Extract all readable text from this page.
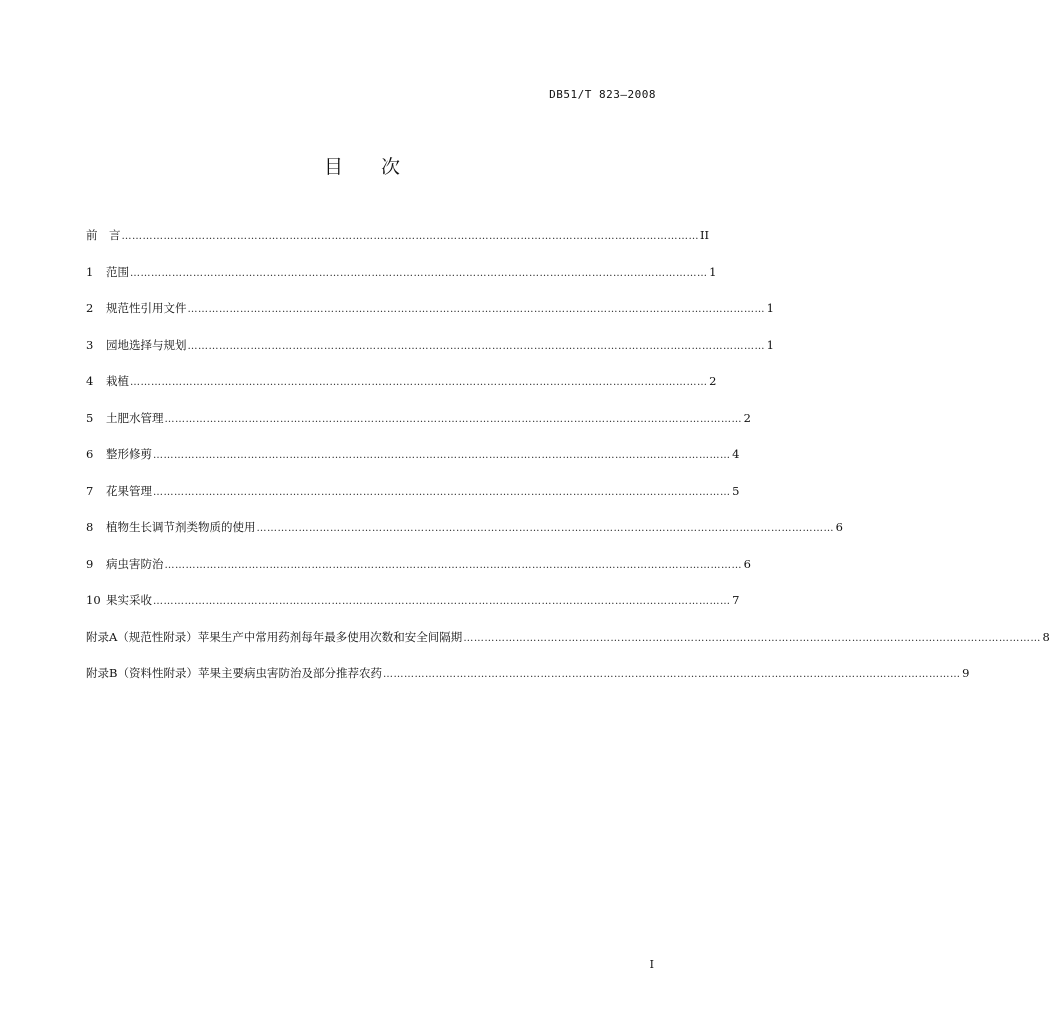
DB51/T 823—2008
目　　次
前　言 ………………………………………………………………………………………………………………………………………………… II
1	范围 ………………………………………………………………………………………………………………………………………………… 1
2	规范性引用文件 ………………………………………………………………………………………………………………………………………………… 1
3	园地选择与规划 ………………………………………………………………………………………………………………………………………………… 1
4	栽植 ………………………………………………………………………………………………………………………………………………… 2
5	土肥水管理 ………………………………………………………………………………………………………………………………………………… 2
6	整形修剪 ………………………………………………………………………………………………………………………………………………… 4
7	花果管理 ………………………………………………………………………………………………………………………………………………… 5
8	植物生长调节剂类物质的使用 ………………………………………………………………………………………………………………………………………………… 6
9	病虫害防治 ………………………………………………………………………………………………………………………………………………… 6
10 果实采收 ………………………………………………………………………………………………………………………………………………… 7
附录A（规范性附录）苹果生产中常用药剂每年最多使用次数和安全间隔期 ………………………………………………………………………………………………………………………………………………… 8
附录B（资料性附录）苹果主要病虫害防治及部分推荐农药 ………………………………………………………………………………………………………………………………………………… 9
I
